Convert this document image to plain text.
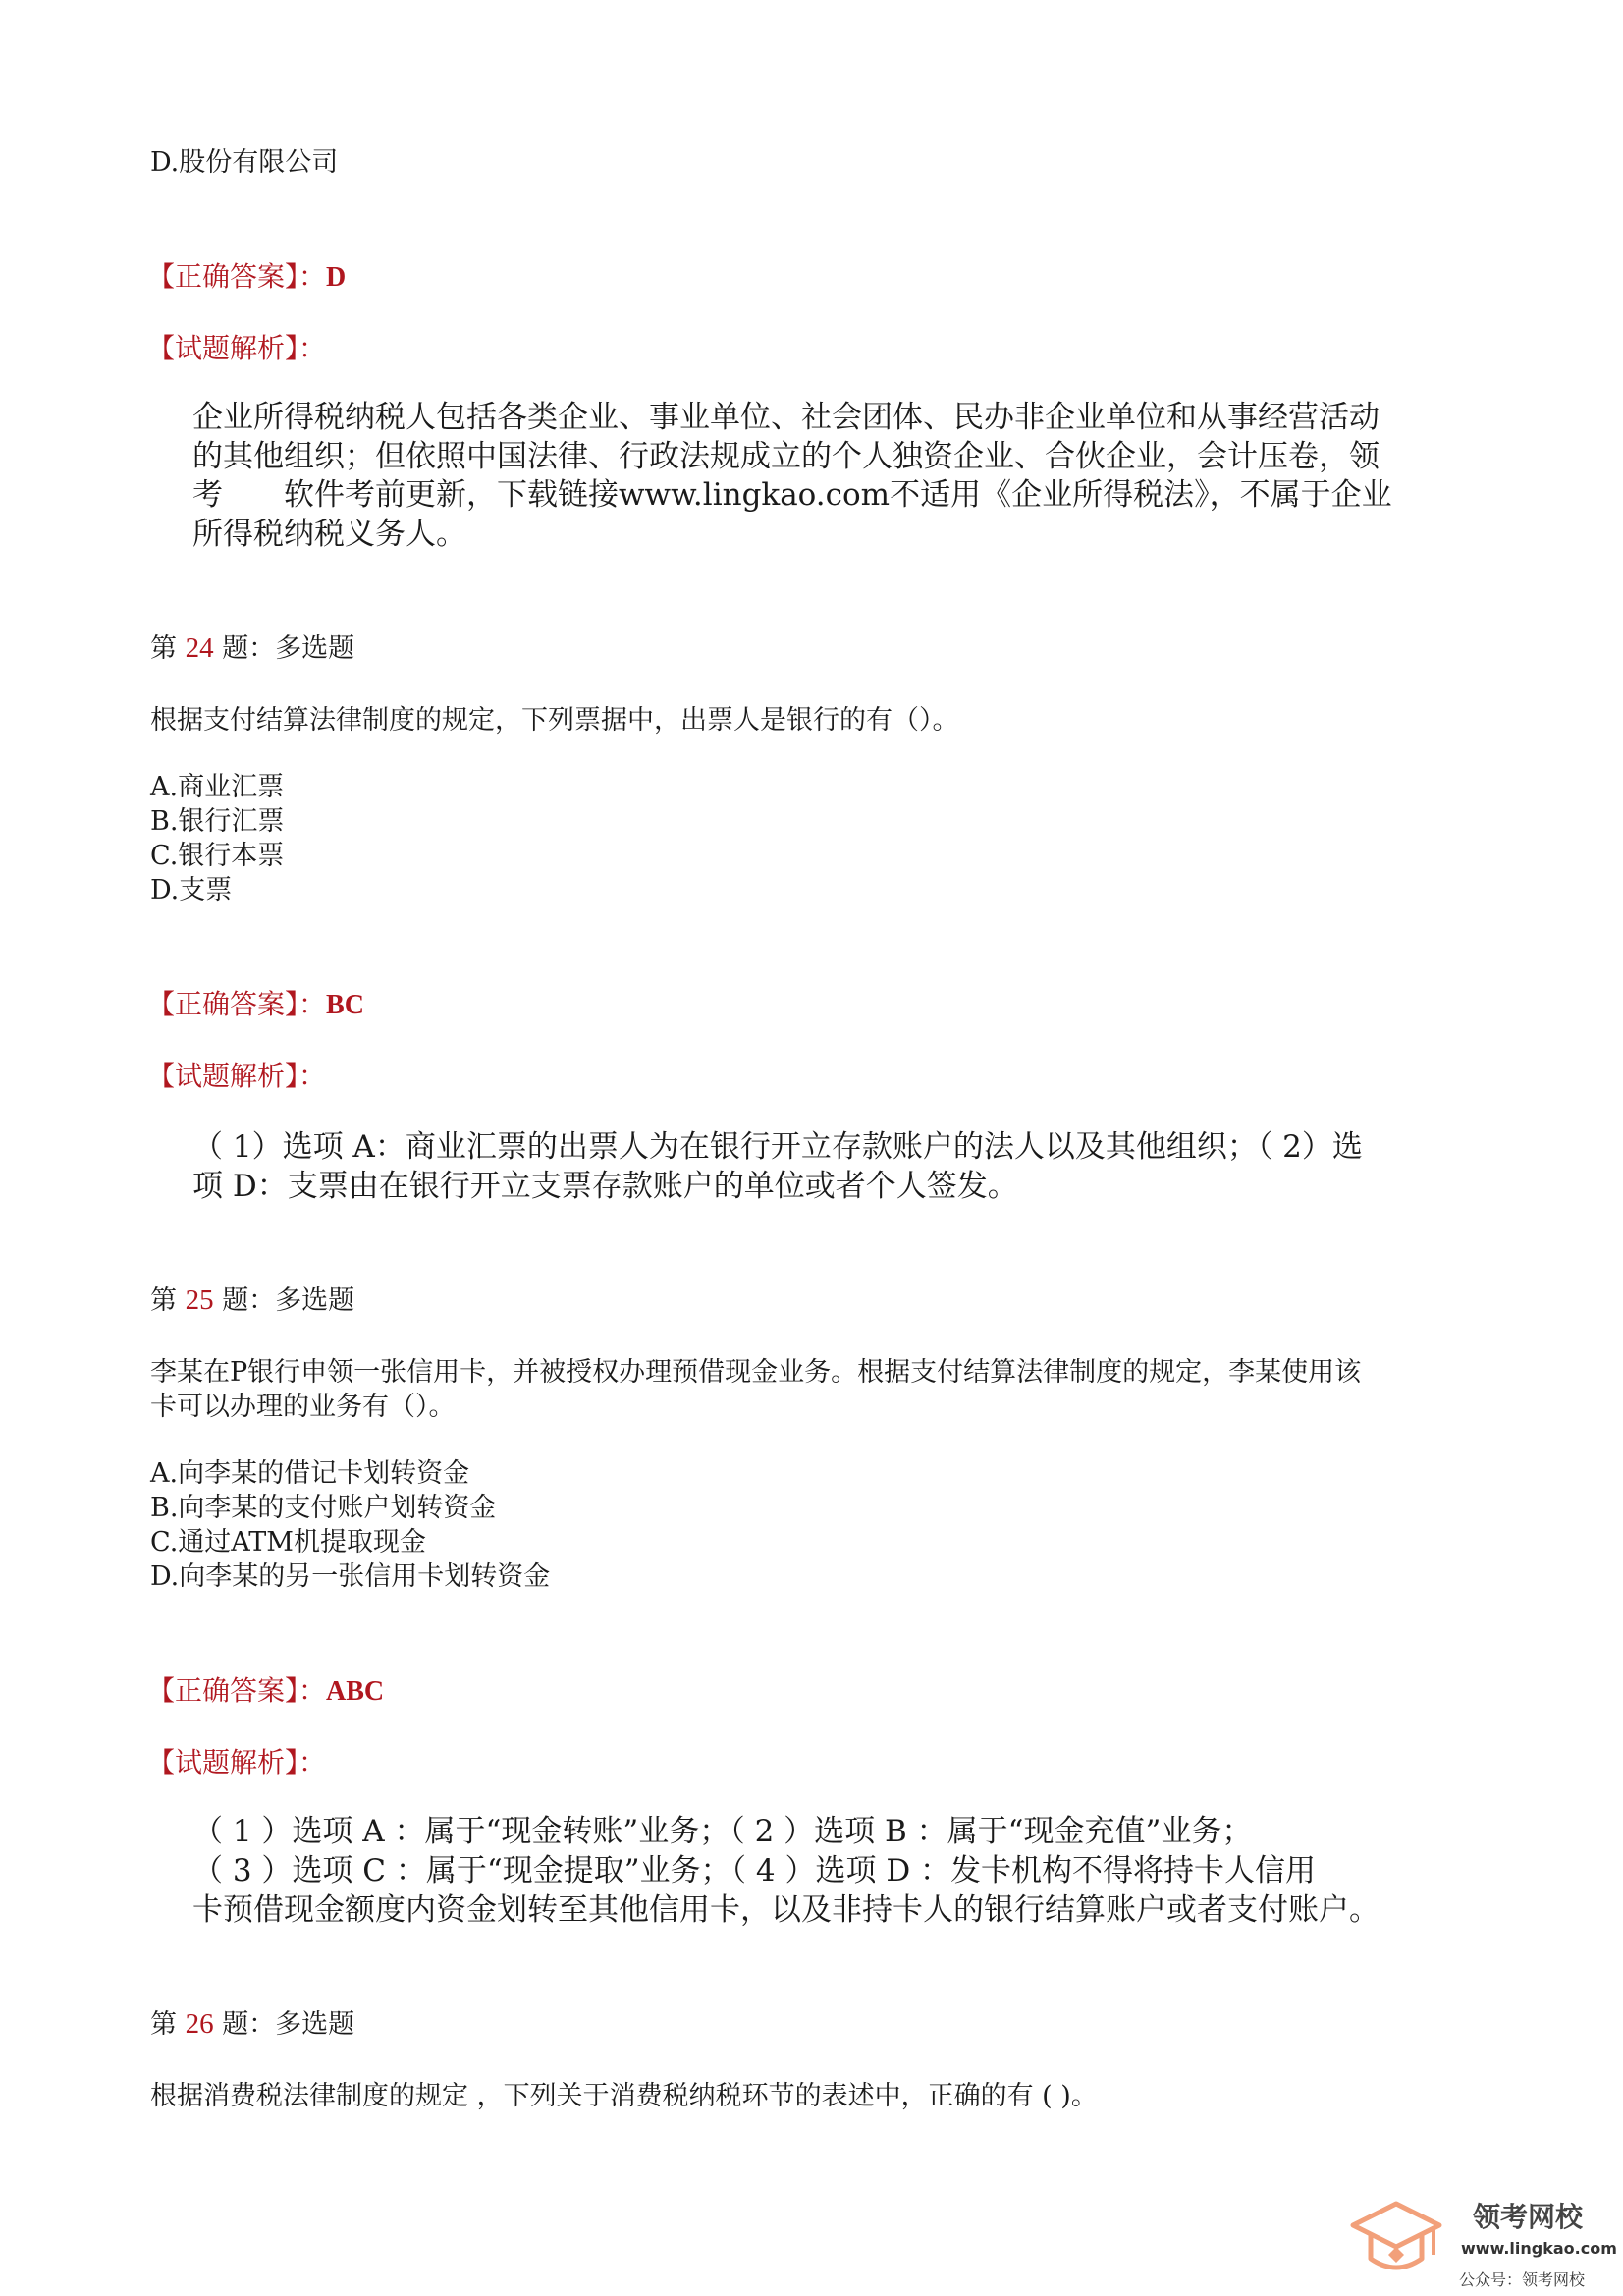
D.股份有限公司
【正确答案】：D
【试题解析】：
企业所得税纳税人包括各类企业、事业单位、社会团体、民办非企业单位和从事经营活动
的其他组织；但依照中国法律、行政法规成立的个人独资企业、合伙企业，会计压卷，领
考　　软件考前更新，下载链接www.lingkao.com不适用《企业所得税法》，不属于企业
所得税纳税义务人。
第 24 题：多选题
根据支付结算法律制度的规定，下列票据中，出票人是银行的有（）。
A.商业汇票
B.银行汇票
C.银行本票
D.支票
【正确答案】：BC
【试题解析】：
（ 1）选项 A：商业汇票的出票人为在银行开立存款账户的法人以及其他组织；（ 2）选
项 D：支票由在银行开立支票存款账户的单位或者个人签发。
第 25 题：多选题
李某在P银行申领一张信用卡，并被授权办理预借现金业务。根据支付结算法律制度的规定，李某使用该
卡可以办理的业务有（）。
A.向李某的借记卡划转资金
B.向李某的支付账户划转资金
C.通过ATM机提取现金
D.向李某的另一张信用卡划转资金
【正确答案】：ABC
【试题解析】：
（ 1 ）选项 A ：属于“现金转账”业务；（ 2 ）选项 B ：属于“现金充值”业务；
（ 3 ）选项 C ：属于“现金提取”业务；（ 4 ）选项 D ：发卡机构不得将持卡人信用
卡预借现金额度内资金划转至其他信用卡，以及非持卡人的银行结算账户或者支付账户。
第 26 题：多选题
根据消费税法律制度的规定 ，下列关于消费税纳税环节的表述中，正确的有 ( )。
领考网校
www.lingkao.com
公众号：领考网校
